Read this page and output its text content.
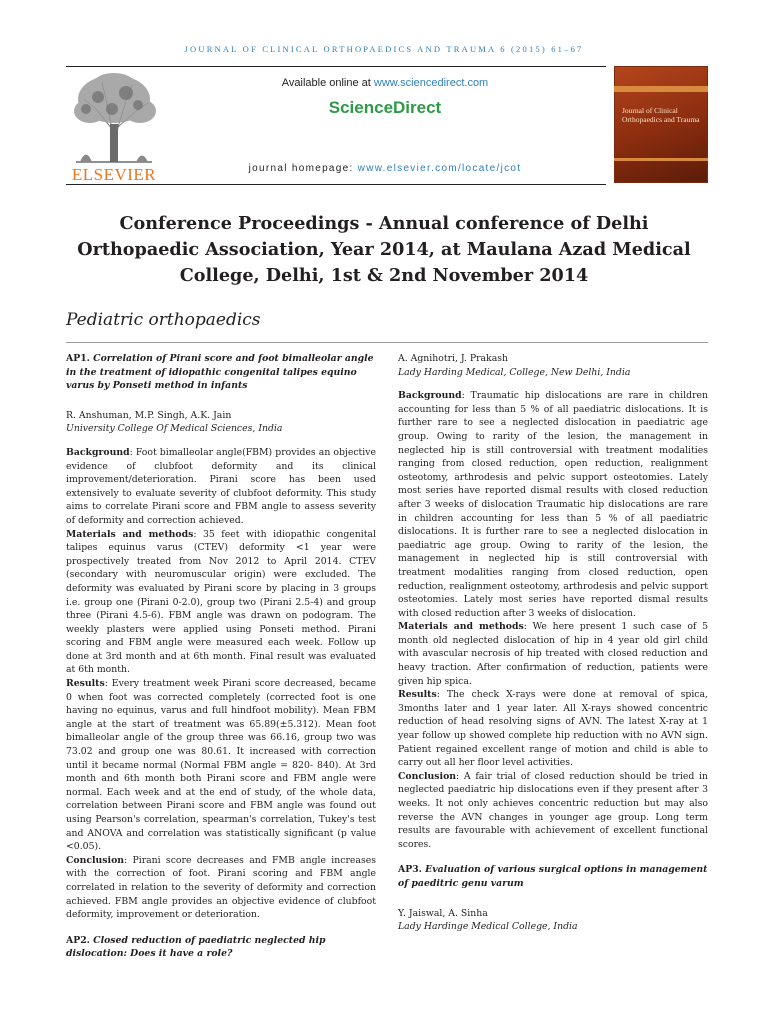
JOURNAL OF CLINICAL ORTHOPAEDICS AND TRAUMA 6 (2015) 61–67
ELSEVIER
Available online at www.sciencedirect.com
ScienceDirect
journal homepage: www.elsevier.com/locate/jcot
Journal of Clinical Orthopaedics and Trauma
Conference Proceedings - Annual conference of Delhi Orthopaedic Association, Year 2014, at Maulana Azad Medical College, Delhi, 1st & 2nd November 2014
Pediatric orthopaedics
AP1. Correlation of Pirani score and foot bimalleolar angle in the treatment of idiopathic congenital talipes equino varus by Ponseti method in infants

R. Anshuman, M.P. Singh, A.K. Jain

University College Of Medical Sciences, India

Background: Foot bimalleolar angle(FBM) provides an objective evidence of clubfoot deformity and its clinical improvement/deterioration. Pirani score has been used extensively to evaluate severity of clubfoot deformity. This study aims to correlate Pirani score and FBM angle to assess severity of deformity and correction achieved.

Materials and methods: 35 feet with idiopathic congenital talipes equinus varus (CTEV) deformity <1 year were prospectively treated from Nov 2012 to April 2014. CTEV (secondary with neuromuscular origin) were excluded. The deformity was evaluated by Pirani score by placing in 3 groups i.e. group one (Pirani 0-2.0), group two (Pirani 2.5-4) and group three (Pirani 4.5-6). FBM angle was drawn on podogram. The weekly plasters were applied using Ponseti method. Pirani scoring and FBM angle were measured each week. Follow up done at 3rd month and at 6th month. Final result was evaluated at 6th month.

Results: Every treatment week Pirani score decreased, became 0 when foot was corrected completely (corrected foot is one having no equinus, varus and full hindfoot mobility). Mean FBM angle at the start of treatment was 65.89(±5.312). Mean foot bimalleolar angle of the group three was 66.16, group two was 73.02 and group one was 80.61. It increased with correction until it became normal (Normal FBM angle = 820- 840). At 3rd month and 6th month both Pirani score and FBM angle were normal. Each week and at the end of study, of the whole data, correlation between Pirani score and FBM angle was found out using Pearson's correlation, spearman's correlation, Tukey's test and ANOVA and correlation was statistically significant (p value <0.05).

Conclusion: Pirani score decreases and FMB angle increases with the correction of foot. Pirani scoring and FBM angle correlated in relation to the severity of deformity and correction achieved. FBM angle provides an objective evidence of clubfoot deformity, improvement or deterioration.

AP2. Closed reduction of paediatric neglected hip dislocation: Does it have a role?

A. Agnihotri, J. Prakash

Lady Harding Medical, College, New Delhi, India

Background: Traumatic hip dislocations are rare in children accounting for less than 5 % of all paediatric dislocations. It is further rare to see a neglected dislocation in paediatric age group. Owing to rarity of the lesion, the management in neglected hip is still controversial with treatment modalities ranging from closed reduction, open reduction, realignment osteotomy, arthrodesis and pelvic support osteotomies. Lately most series have reported dismal results with closed reduction after 3 weeks of dislocation Traumatic hip dislocations are rare in children accounting for less than 5 % of all paediatric dislocations. It is further rare to see a neglected dislocation in paediatric age group. Owing to rarity of the lesion, the management in neglected hip is still controversial with treatment modalities ranging from closed reduction, open reduction, realignment osteotomy, arthrodesis and pelvic support osteotomies. Lately most series have reported dismal results with closed reduction after 3 weeks of dislocation.

Materials and methods: We here present 1 such case of 5 month old neglected dislocation of hip in 4 year old girl child with avascular necrosis of hip treated with closed reduction and heavy traction. After confirmation of reduction, patients were given hip spica.

Results: The check X-rays were done at removal of spica, 3months later and 1 year later. All X-rays showed concentric reduction of head resolving signs of AVN. The latest X-ray at 1 year follow up showed complete hip reduction with no AVN sign. Patient regained excellent range of motion and child is able to carry out all her floor level activities.

Conclusion: A fair trial of closed reduction should be tried in neglected paediatric hip dislocations even if they present after 3 weeks. It not only achieves concentric reduction but may also reverse the AVN changes in younger age group. Long term results are favourable with achievement of excellent functional scores.

AP3. Evaluation of various surgical options in management of paeditric genu varum

Y. Jaiswal, A. Sinha

Lady Hardinge Medical College, India
